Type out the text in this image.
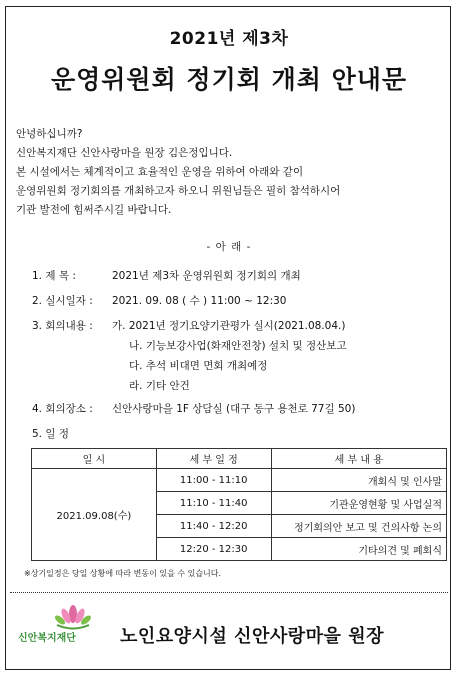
2021년 제3차
운영위원회 정기회 개최 안내문
안녕하십니까?
신안복지재단 신안사랑마을 원장 김은정입니다.
본 시설에서는 체계적이고 효율적인 운영을 위하여 아래와 같이
운영위원회 정기회의를 개최하고자 하오니 위원님들은 필히 참석하시어
기관 발전에 힘써주시길 바랍니다.
- 아 래 -
1. 제 목 :	2021년 제3차 운영위원회 정기회의 개최
2. 실시일자 : 2021. 09. 08 ( 수 ) 11:00 ~ 12:30
3. 회의내용 : 가. 2021년 정기요양기관평가 실시(2021.08.04.)
나. 기능보강사업(화재안전창) 설치 및 정산보고
다. 추석 비대면 면회 개최예정
라. 기타 안건
4. 회의장소 : 신안사랑마을 1F 상담실 (대구 동구 용천로 77길 50)
5. 일 정
일 시	세 부 일 정	세 부 내 용
2021.09.08(수)	11:00 - 11:10	개회식 및 인사말
	11:10 - 11:40	기관운영현황 및 사업실적
	11:40 - 12:20	정기회의안 보고 및 건의사항 논의
	12:20 - 12:30	기타의견 및 폐회식
※상기일정은 당일 상황에 따라 변동이 있을 수 있습니다.
신안복지재단 노인요양시설 신안사랑마을 원장
